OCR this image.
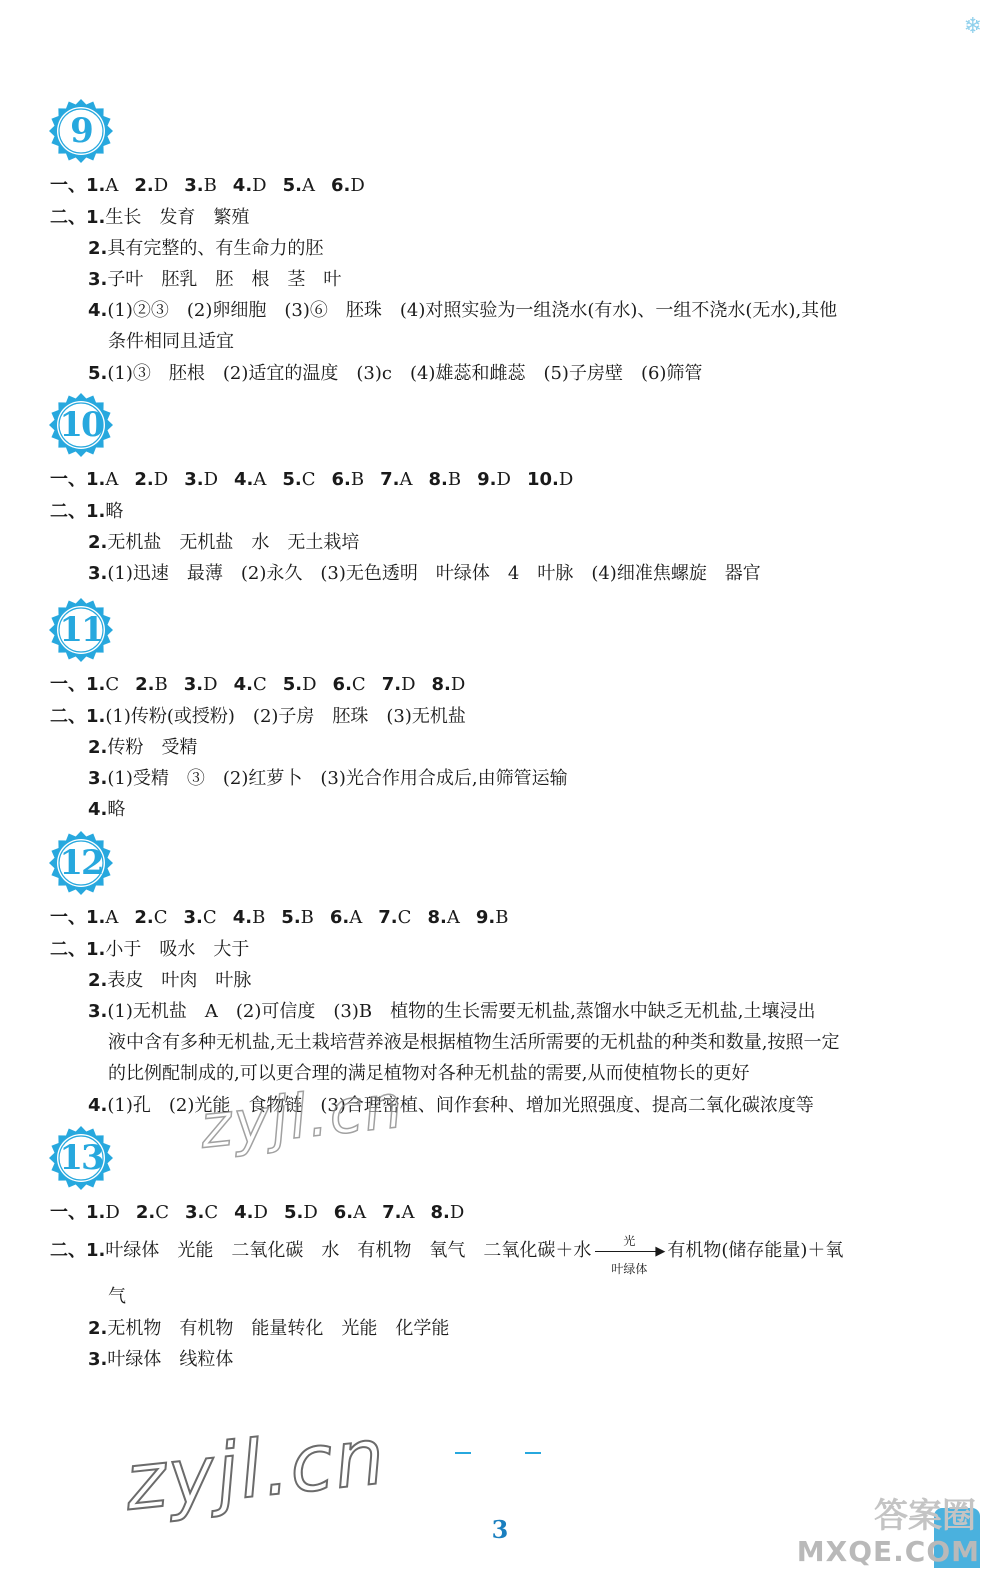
❄
9
一、1.A 2.D 3.B 4.D 5.A 6.D
二、1.生长　发育　繁殖
2.具有完整的、有生命力的胚
3.子叶　胚乳　胚　根　茎　叶
4.(1)②③　(2)卵细胞　(3)⑥　胚珠　(4)对照实验为一组浇水(有水)、一组不浇水(无水),其他
条件相同且适宜
5.(1)③　胚根　(2)适宜的温度　(3)c　(4)雄蕊和雌蕊　(5)子房壁　(6)筛管
10
一、1.A 2.D 3.D 4.A 5.C 6.B 7.A 8.B 9.D 10.D
二、1.略
2.无机盐　无机盐　水　无土栽培
3.(1)迅速　最薄　(2)永久　(3)无色透明　叶绿体　4　叶脉　(4)细准焦螺旋　器官
11
一、1.C 2.B 3.D 4.C 5.D 6.C 7.D 8.D
二、1.(1)传粉(或授粉)　(2)子房　胚珠　(3)无机盐
2.传粉　受精
3.(1)受精　③　(2)红萝卜　(3)光合作用合成后,由筛管运输
4.略
12
一、1.A 2.C 3.C 4.B 5.B 6.A 7.C 8.A 9.B
二、1.小于　吸水　大于
2.表皮　叶肉　叶脉
3.(1)无机盐　A　(2)可信度　(3)B　植物的生长需要无机盐,蒸馏水中缺乏无机盐,土壤浸出
液中含有多种无机盐,无土栽培营养液是根据植物生活所需要的无机盐的种类和数量,按照一定
的比例配制成的,可以更合理的满足植物对各种无机盐的需要,从而使植物长的更好
4.(1)孔　(2)光能　食物链　(3)合理密植、间作套种、增加光照强度、提高二氧化碳浓度等
13
一、1.D 2.C 3.C 4.D 5.D 6.A 7.A 8.D
二、1.叶绿体　光能　二氧化碳　水　有机物　氧气　二氧化碳＋水	光
▶
叶绿体
有机物(储存能量)＋氧
气
2.无机物　有机物　能量转化　光能　化学能
3.叶绿体　线粒体
zyjl.cn
zyjl.cn
3	答案圈
MXQE.COM
